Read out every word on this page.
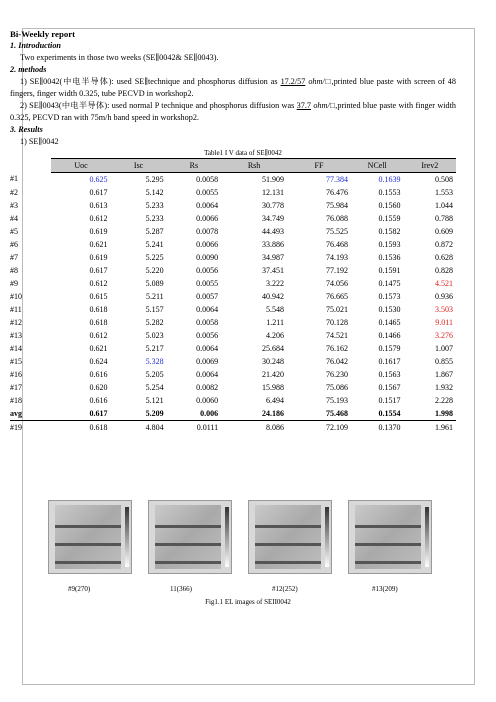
Bi-Weekly report
1. Introduction

Two experiments in those two weeks (SE∥0042& SE∥0043).

2. methods

1) SE∥0042(中电半导体): used SE∥technique and phosphorus diffusion as 17.2/57 ohm/□,printed blue paste with screen of 48 fingers, finger width 0.325, tube PECVD in workshop2.

2) SE∥0043(中电半导体): used normal P technique and phosphorus diffusion was 37.7 ohm/□,printed blue paste with finger width 0.325, PECVD ran with 75m/h band speed in workshop2.

3. Results
1) SE∥0042
Table1 I V data of SE∥0042
	Uoc	Isc	Rs	Rsh	FF	NCell	Irev2
#1	0.625	5.295	0.0058	51.909	77.384	0.1639	0.508
#2	0.617	5.142	0.0055	12.131	76.476	0.1553	1.553
#3	0.613	5.233	0.0064	30.778	75.984	0.1560	1.044
#4	0.612	5.233	0.0066	34.749	76.088	0.1559	0.788
#5	0.619	5.287	0.0078	44.493	75.525	0.1582	0.609
#6	0.621	5.241	0.0066	33.886	76.468	0.1593	0.872
#7	0.619	5.225	0.0090	34.987	74.193	0.1536	0.628
#8	0.617	5.220	0.0056	37.451	77.192	0.1591	0.828
#9	0.612	5.089	0.0055	3.222	74.056	0.1475	4.521
#10	0.615	5.211	0.0057	40.942	76.665	0.1573	0.936
#11	0.618	5.157	0.0064	5.548	75.021	0.1530	3.503
#12	0.618	5.282	0.0058	1.211	70.128	0.1465	9.011
#13	0.612	5.023	0.0056	4.206	74.521	0.1466	3.276
#14	0.621	5.217	0.0064	25.684	76.162	0.1579	1.007
#15	0.624	5.328	0.0069	30.248	76.042	0.1617	0.855
#16	0.616	5.205	0.0064	21.420	76.230	0.1563	1.867
#17	0.620	5.254	0.0082	15.988	75.086	0.1567	1.932
#18	0.616	5.121	0.0060	6.494	75.193	0.1517	2.228
avg	0.617	5.209	0.006	24.186	75.468	0.1554	1.998
#19	0.618	4.804	0.0111	8.086	72.109	0.1370	1.961
#9(270)	11(366)	#12(252)	#13(209)
Fig1.1 EL images of SEII0042
